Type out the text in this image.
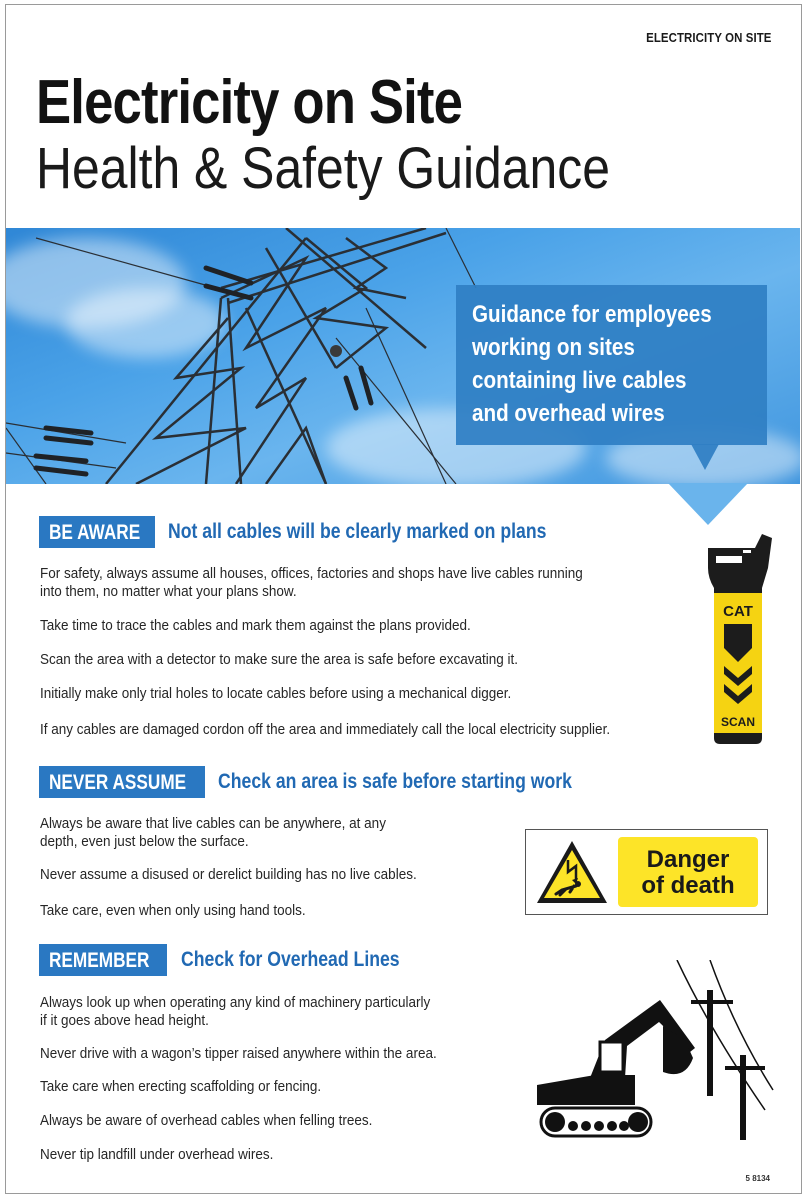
ELECTRICITY ON SITE
Electricity on Site
Health & Safety Guidance
Guidance for employees
working on sites
containing live cables
and overhead wires
BE AWARE	Not all cables will be clearly marked on plans
For safety, always assume all houses, offices, factories and shops have live cables running
into them, no matter what your plans show.
Take time to trace the cables and mark them against the plans provided.
Scan the area with a detector to make sure the area is safe before excavating it.
Initially make only trial holes to locate cables before using a mechanical digger.
If any cables are damaged cordon off the area and immediately call the local electricity supplier.
CAT
SCAN
NEVER ASSUME	Check an area is safe before starting work
Always be aware that live cables can be anywhere, at any
depth, even just below the surface.
Never assume a disused or derelict building has no live cables.
Take care, even when only using hand tools.
Danger
of death
REMEMBER	Check for Overhead Lines
Always look up when operating any kind of machinery particularly
if it goes above head height.
Never drive with a wagon’s tipper raised anywhere within the area.
Take care when erecting scaffolding or fencing.
Always be aware of overhead cables when felling trees.
Never tip landfill under overhead wires.
5 8134
